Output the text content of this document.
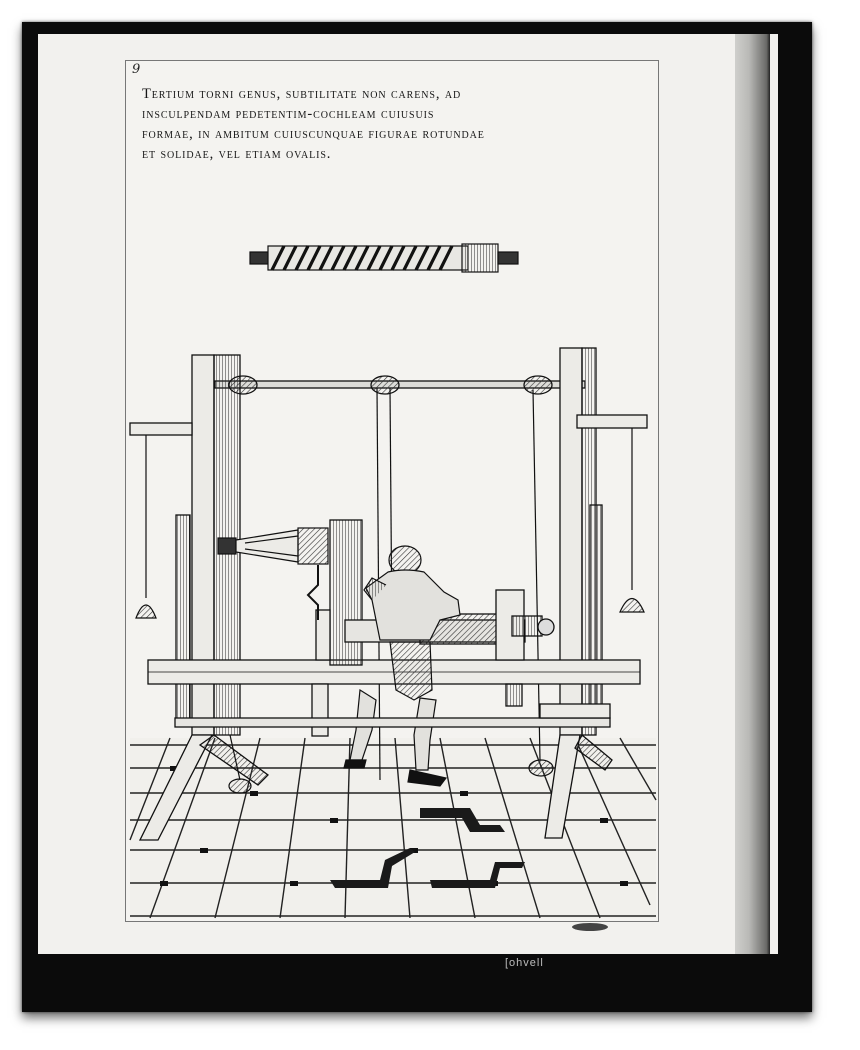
9
Tertium torni genus, subtilitate non carens, ad
insculpendam pedetentim-cochleam cuiusuis
formae, in ambitum cuiuscunquae figurae rotundae
et solidae, vel etiam ovalis.
[ohvell
